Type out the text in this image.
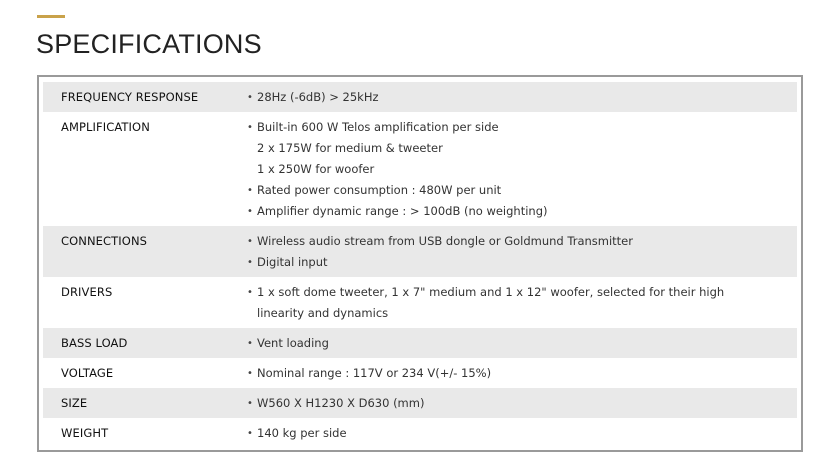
SPECIFICATIONS
FREQUENCY RESPONSE	• 28Hz (-6dB) > 25kHz

AMPLIFICATION	• Built-in 600 W Telos amplification per side
2 x 175W for medium & tweeter
1 x 250W for woofer
• Rated power consumption : 480W per unit
• Amplifier dynamic range : > 100dB (no weighting)

CONNECTIONS	• Wireless audio stream from USB dongle or Goldmund Transmitter
• Digital input

DRIVERS	• 1 x soft dome tweeter, 1 x 7" medium and 1 x 12" woofer, selected for their high linearity and dynamics

BASS LOAD	• Vent loading

VOLTAGE	• Nominal range : 117V or 234 V(+/- 15%)

SIZE	• W560 X H1230 X D630 (mm)

WEIGHT	• 140 kg per side
